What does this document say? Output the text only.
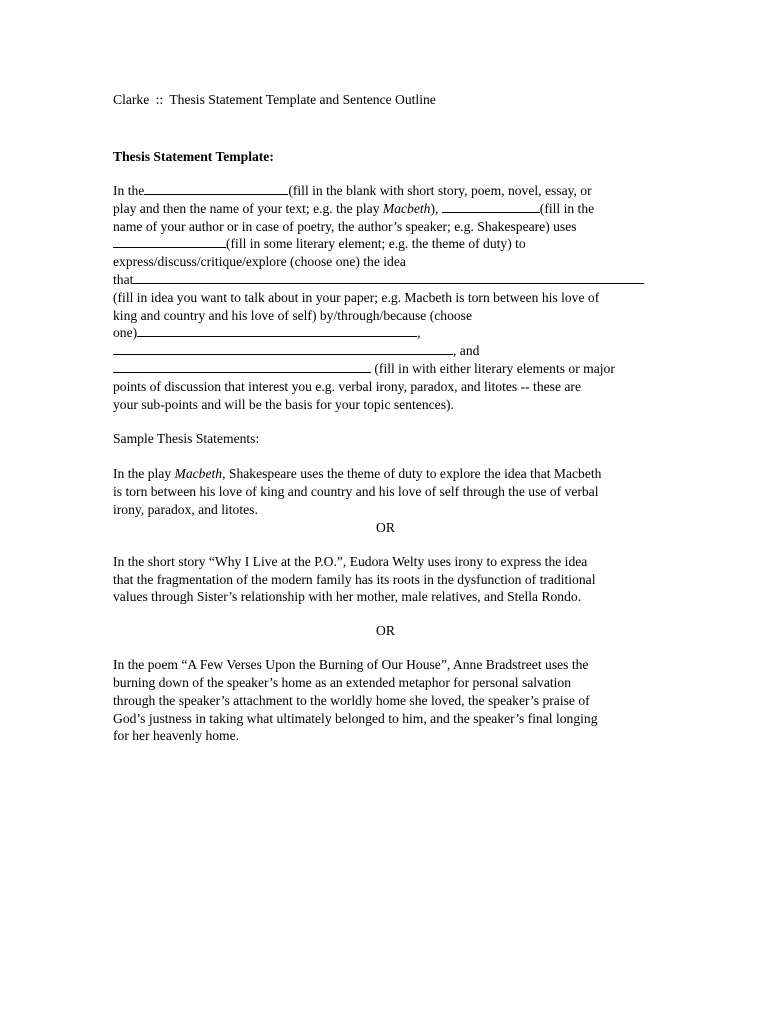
Clarke :: Thesis Statement Template and Sentence Outline
Thesis Statement Template:
In the	(fill in the blank with short story, poem, novel, essay, or
play and then the name of your text; e.g. the play Macbeth),	(fill in the
name of your author or in case of poetry, the author’s speaker; e.g. Shakespeare) uses
(fill in some literary element; e.g. the theme of duty) to
express/discuss/critique/explore (choose one) the idea
that
(fill in idea you want to talk about in your paper; e.g. Macbeth is torn between his love of
king and country and his love of self) by/through/because (choose
one)	,
, and
(fill in with either literary elements or major
points of discussion that interest you e.g. verbal irony, paradox, and litotes -- these are
your sub-points and will be the basis for your topic sentences).
Sample Thesis Statements:
In the play Macbeth, Shakespeare uses the theme of duty to explore the idea that Macbeth
is torn between his love of king and country and his love of self through the use of verbal
irony, paradox, and litotes.
OR
In the short story “Why I Live at the P.O.”, Eudora Welty uses irony to express the idea
that the fragmentation of the modern family has its roots in the dysfunction of traditional
values through Sister’s relationship with her mother, male relatives, and Stella Rondo.
OR
In the poem “A Few Verses Upon the Burning of Our House”, Anne Bradstreet uses the
burning down of the speaker’s home as an extended metaphor for personal salvation
through the speaker’s attachment to the worldly home she loved, the speaker’s praise of
God’s justness in taking what ultimately belonged to him, and the speaker’s final longing
for her heavenly home.
